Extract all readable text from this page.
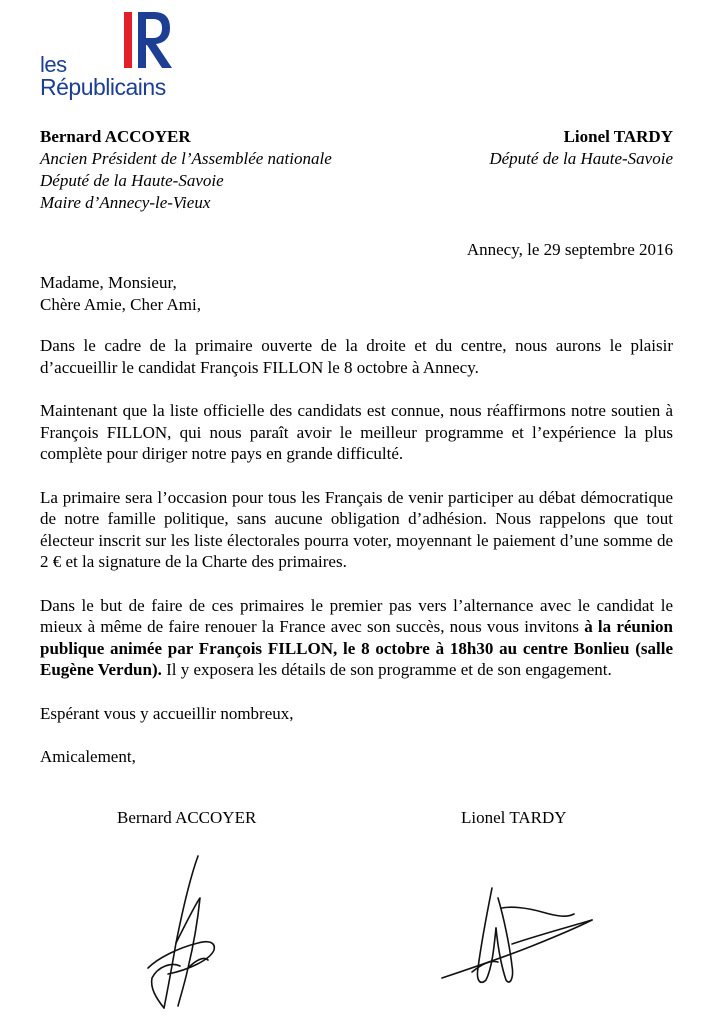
les
Républicains
Bernard ACCOYER
Ancien Président de l’Assemblée nationale
Député de la Haute-Savoie
Maire d’Annecy-le-Vieux
Lionel TARDY
Député de la Haute-Savoie
Annecy, le 29 septembre 2016

Madame, Monsieur,
Chère Amie, Cher Ami,

Dans le cadre de la primaire ouverte de la droite et du centre, nous aurons le plaisir d’accueillir le candidat François FILLON le 8 octobre à Annecy.

Maintenant que la liste officielle des candidats est connue, nous réaffirmons notre soutien à François FILLON, qui nous paraît avoir le meilleur programme et l’expérience la plus complète pour diriger notre pays en grande difficulté.

La primaire sera l’occasion pour tous les Français de venir participer au débat démocratique de notre famille politique, sans aucune obligation d’adhésion. Nous rappelons que tout électeur inscrit sur les liste électorales pourra voter, moyennant le paiement d’une somme de 2 € et la signature de la Charte des primaires.

Dans le but de faire de ces primaires le premier pas vers l’alternance avec le candidat le mieux à même de faire renouer la France avec son succès, nous vous invitons à la réunion publique animée par François FILLON, le 8 octobre à 18h30 au centre Bonlieu (salle Eugène Verdun). Il y exposera les détails de son programme et de son engagement.

Espérant vous y accueillir nombreux,

Amicalement,

Bernard ACCOYER	Lionel TARDY
